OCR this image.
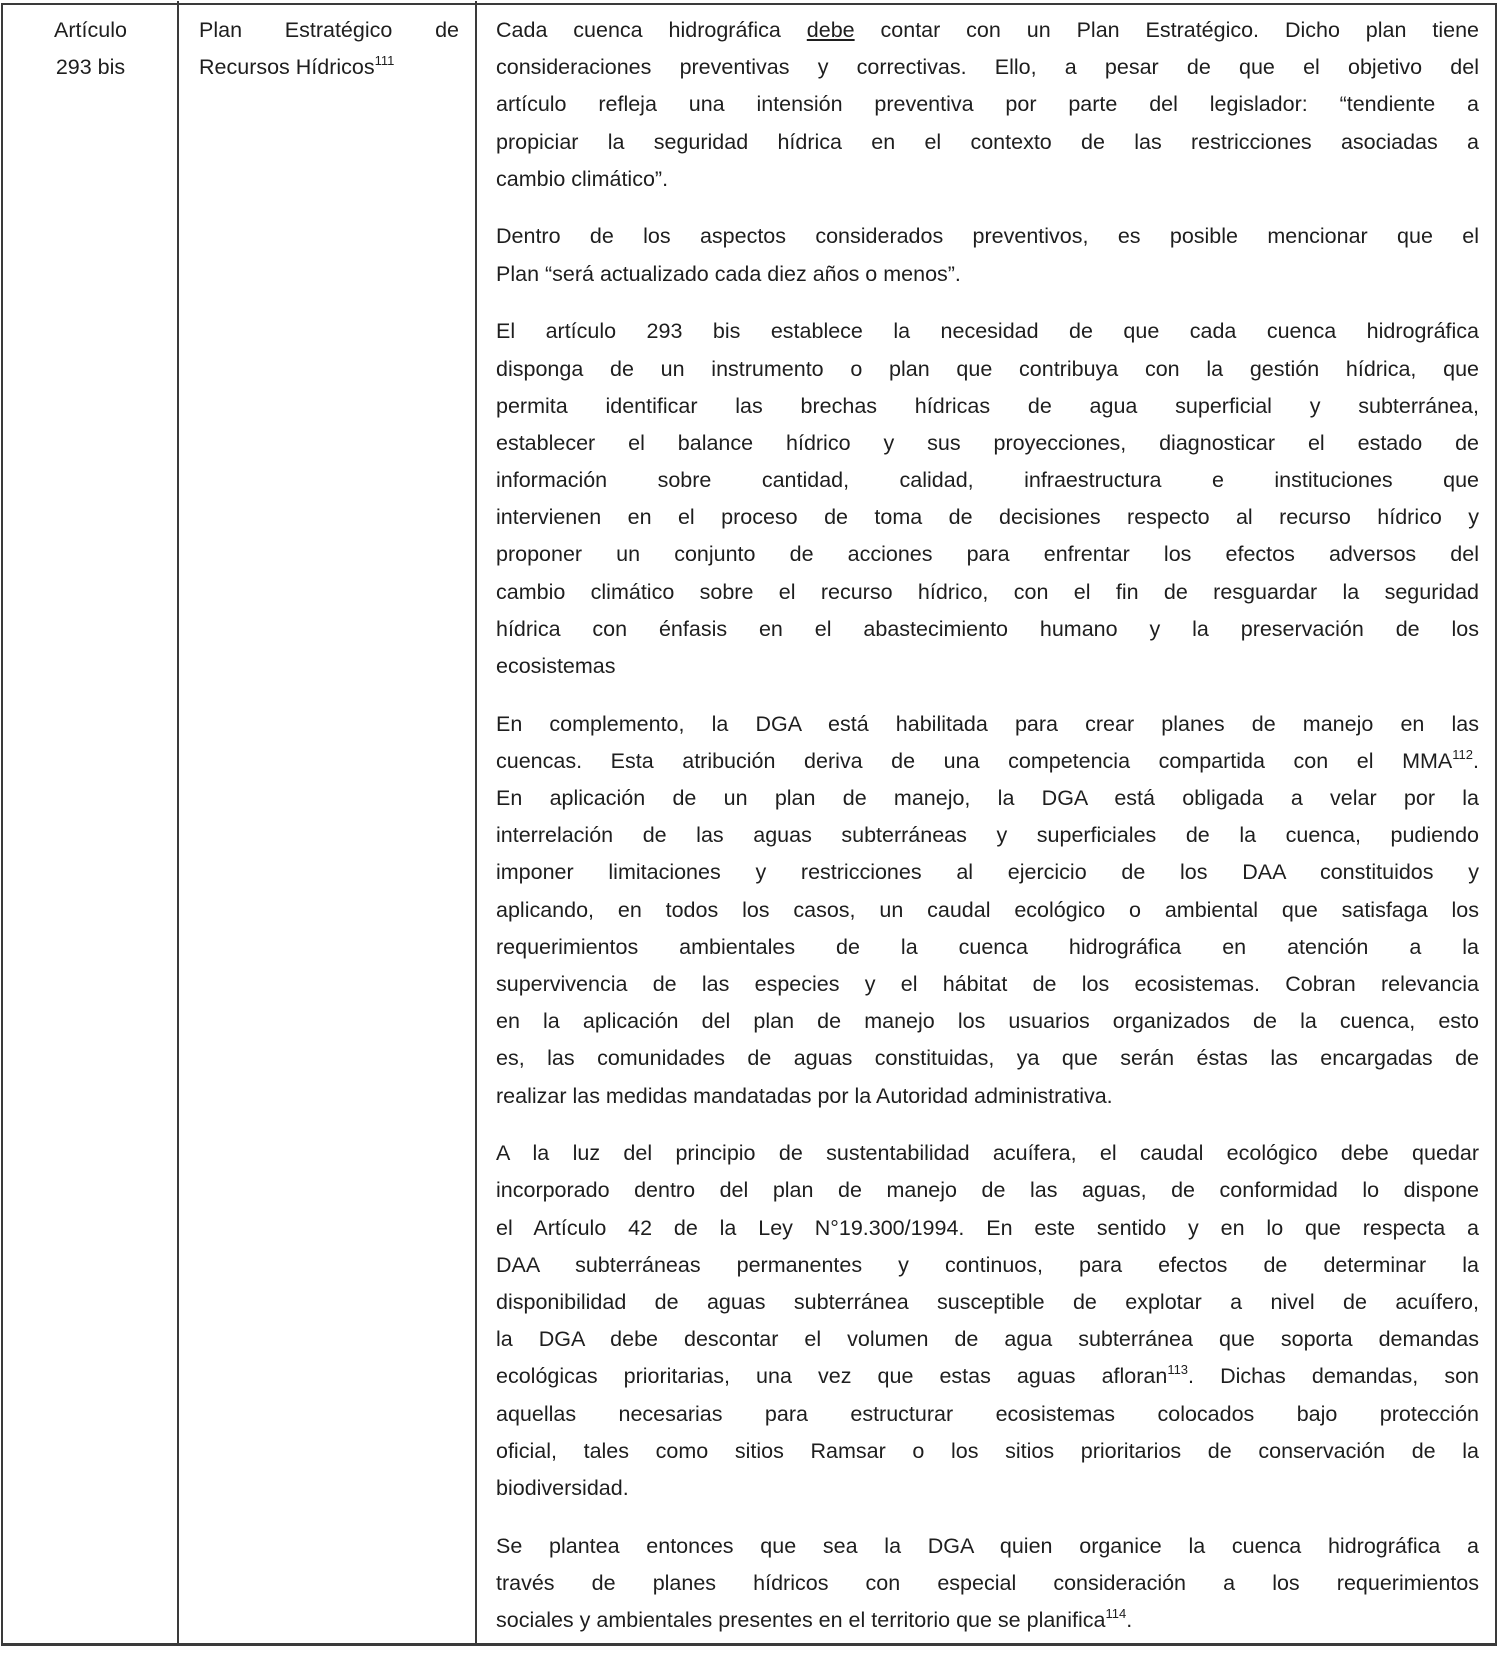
Artículo
293 bis
Plan Estratégico de
Recursos Hídricos$^{111}$
Cada cuenca hidrográfica debe contar con un Plan Estratégico. Dicho plan tiene
consideraciones preventivas y correctivas. Ello, a pesar de que el objetivo del
artículo refleja una intensión preventiva por parte del legislador: “tendiente a
propiciar la seguridad hídrica en el contexto de las restricciones asociadas a
cambio climático”.
Dentro de los aspectos considerados preventivos, es posible mencionar que el
Plan “será actualizado cada diez años o menos”.
El artículo 293 bis establece la necesidad de que cada cuenca hidrográfica
disponga de un instrumento o plan que contribuya con la gestión hídrica, que
permita identificar las brechas hídricas de agua superficial y subterránea,
establecer el balance hídrico y sus proyecciones, diagnosticar el estado de
información sobre cantidad, calidad, infraestructura e instituciones que
intervienen en el proceso de toma de decisiones respecto al recurso hídrico y
proponer un conjunto de acciones para enfrentar los efectos adversos del
cambio climático sobre el recurso hídrico, con el fin de resguardar la seguridad
hídrica con énfasis en el abastecimiento humano y la preservación de los
ecosistemas
En complemento, la DGA está habilitada para crear planes de manejo en las
cuencas. Esta atribución deriva de una competencia compartida con el MMA$^{112}$.
En aplicación de un plan de manejo, la DGA está obligada a velar por la
interrelación de las aguas subterráneas y superficiales de la cuenca, pudiendo
imponer limitaciones y restricciones al ejercicio de los DAA constituidos y
aplicando, en todos los casos, un caudal ecológico o ambiental que satisfaga los
requerimientos ambientales de la cuenca hidrográfica en atención a la
supervivencia de las especies y el hábitat de los ecosistemas. Cobran relevancia
en la aplicación del plan de manejo los usuarios organizados de la cuenca, esto
es, las comunidades de aguas constituidas, ya que serán éstas las encargadas de
realizar las medidas mandatadas por la Autoridad administrativa.
A la luz del principio de sustentabilidad acuífera, el caudal ecológico debe quedar
incorporado dentro del plan de manejo de las aguas, de conformidad lo dispone
el Artículo 42 de la Ley N°19.300/1994. En este sentido y en lo que respecta a
DAA subterráneas permanentes y continuos, para efectos de determinar la
disponibilidad de aguas subterránea susceptible de explotar a nivel de acuífero,
la DGA debe descontar el volumen de agua subterránea que soporta demandas
ecológicas prioritarias, una vez que estas aguas afloran$^{113}$. Dichas demandas, son
aquellas necesarias para estructurar ecosistemas colocados bajo protección
oficial, tales como sitios Ramsar o los sitios prioritarios de conservación de la
biodiversidad.
Se plantea entonces que sea la DGA quien organice la cuenca hidrográfica a
través de planes hídricos con especial consideración a los requerimientos
sociales y ambientales presentes en el territorio que se planifica$^{114}$.
